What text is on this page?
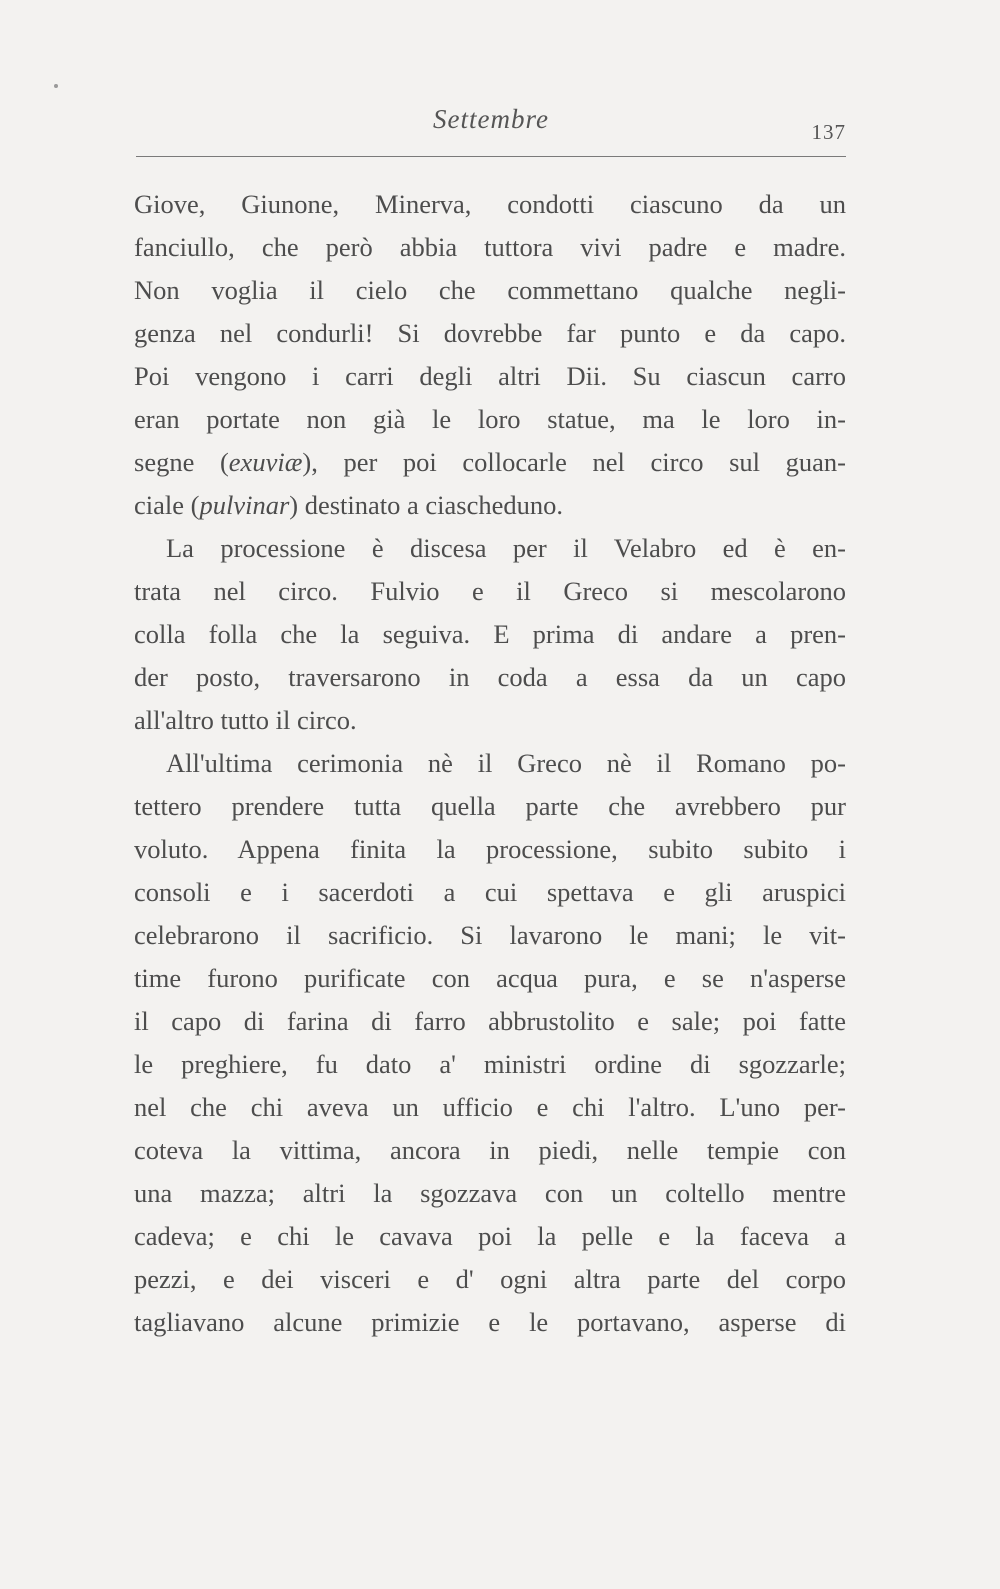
Settembre	137
Giove, Giunone, Minerva, condotti ciascuno da un
fanciullo, che però abbia tuttora vivi padre e madre.
Non voglia il cielo che commettano qualche negli-
genza nel condurli! Si dovrebbe far punto e da capo.
Poi vengono i carri degli altri Dii. Su ciascun carro
eran portate non già le loro statue, ma le loro in-
segne (exuviæ), per poi collocarle nel circo sul guan-
ciale (pulvinar) destinato a ciascheduno.
La processione è discesa per il Velabro ed è en-
trata nel circo. Fulvio e il Greco si mescolarono
colla folla che la seguiva. E prima di andare a pren-
der posto, traversarono in coda a essa da un capo
all'altro tutto il circo.
All'ultima cerimonia nè il Greco nè il Romano po-
tettero prendere tutta quella parte che avrebbero pur
voluto. Appena finita la processione, subito subito i
consoli e i sacerdoti a cui spettava e gli aruspici
celebrarono il sacrificio. Si lavarono le mani; le vit-
time furono purificate con acqua pura, e se n'asperse
il capo di farina di farro abbrustolito e sale; poi fatte
le preghiere, fu dato a' ministri ordine di sgozzarle;
nel che chi aveva un ufficio e chi l'altro. L'uno per-
coteva la vittima, ancora in piedi, nelle tempie con
una mazza; altri la sgozzava con un coltello mentre
cadeva; e chi le cavava poi la pelle e la faceva a
pezzi, e dei visceri e d' ogni altra parte del corpo
tagliavano alcune primizie e le portavano, asperse di
